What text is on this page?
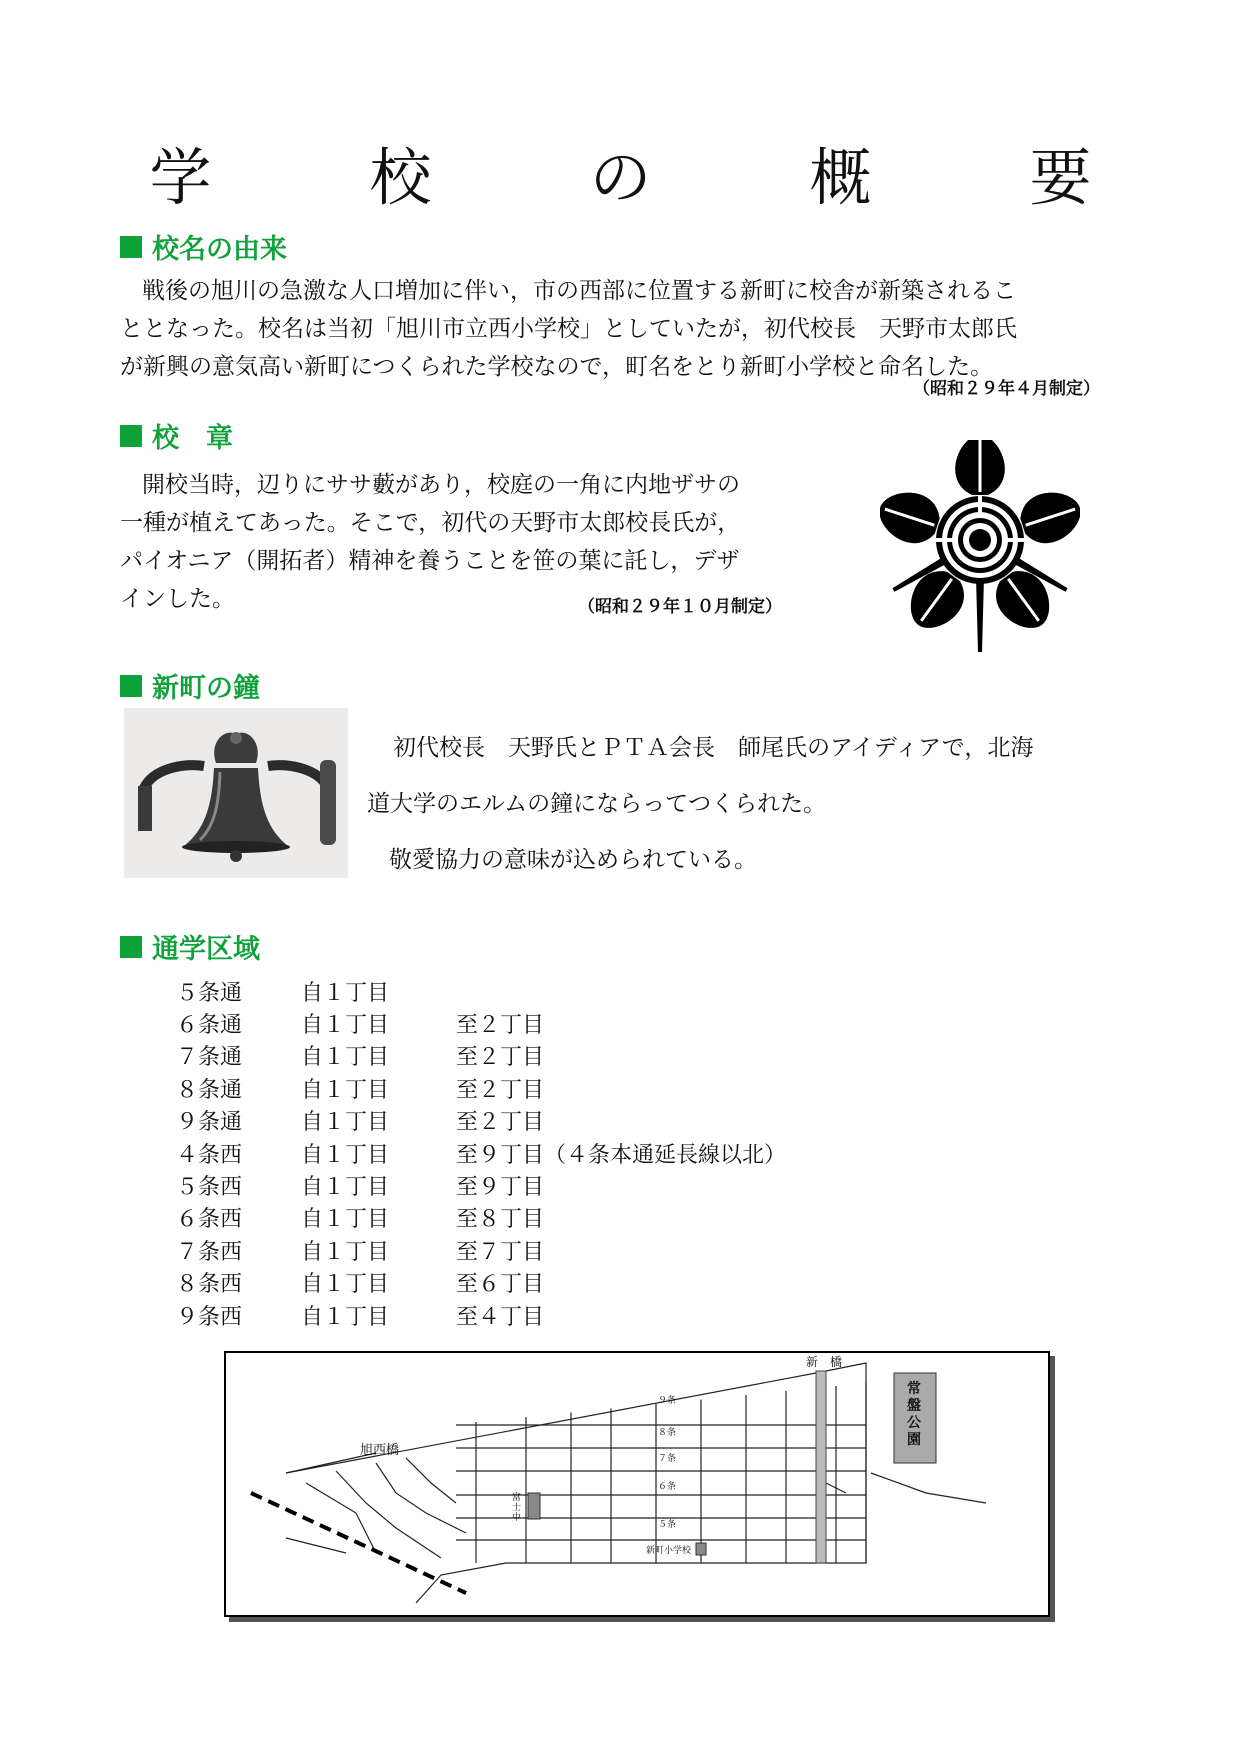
学　校　の　概　要
校名の由来
戦後の旭川の急激な人口増加に伴い，市の西部に位置する新町に校舎が新築されるこ
ととなった。校名は当初「旭川市立西小学校」としていたが，初代校長　天野市太郎氏
が新興の意気高い新町につくられた学校なので，町名をとり新町小学校と命名した。
（昭和２９年４月制定）
校　章
開校当時，辺りにササ藪があり，校庭の一角に内地ザサの
一種が植えてあった。そこで，初代の天野市太郎校長氏が，
パイオニア（開拓者）精神を養うことを笹の葉に託し，デザ
インした。	（昭和２９年１０月制定）
新町の鐘
初代校長　天野氏とＰＴＡ会長　師尾氏のアイディアで，北海
道大学のエルムの鐘にならってつくられた。
敬愛協力の意味が込められている。
通学区域
５条通	自１丁目	
６条通	自１丁目	至２丁目
７条通	自１丁目	至２丁目
８条通	自１丁目	至２丁目
９条通	自１丁目	至２丁目
４条西	自１丁目	至９丁目（４条本通延長線以北）
５条西	自１丁目	至９丁目
６条西	自１丁目	至８丁目
７条西	自１丁目	至７丁目
８条西	自１丁目	至６丁目
９条西	自１丁目	至４丁目
新　橋
旭西橋
常盤公園
富士中
新町小学校
９条
８条
７条
６条
５条
